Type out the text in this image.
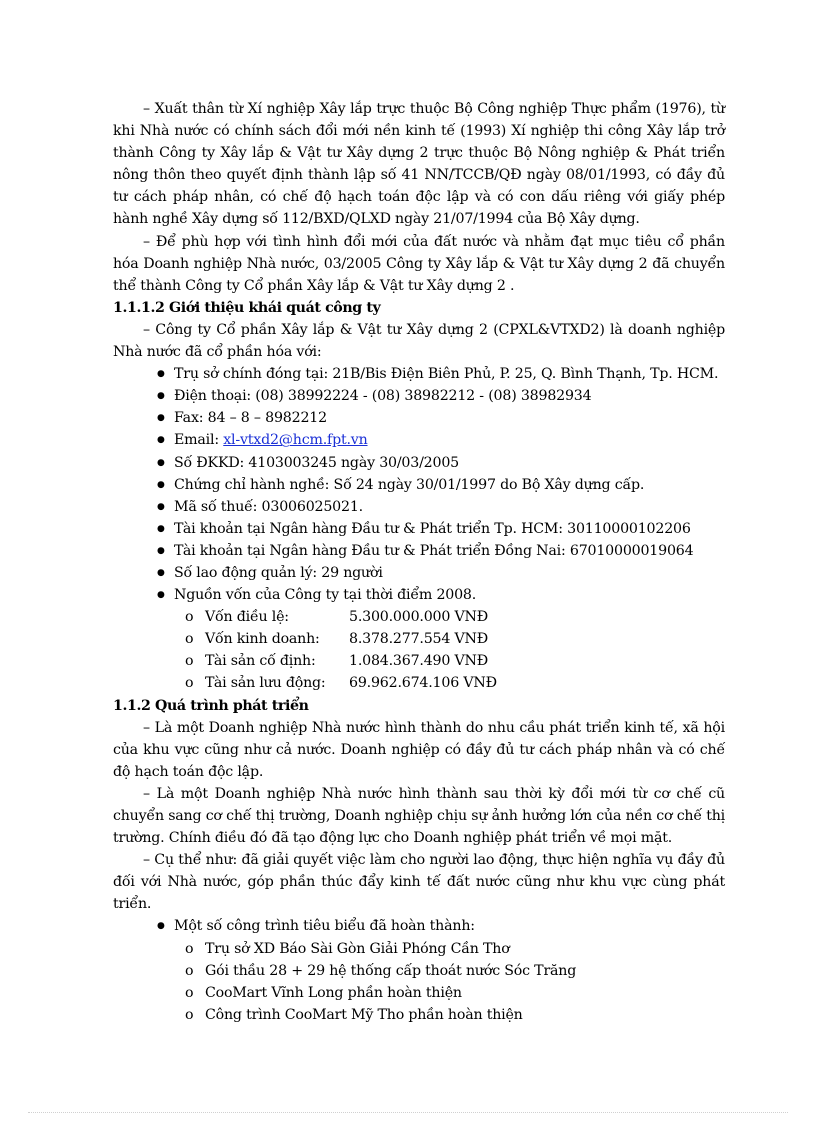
– Xuất thân từ Xí nghiệp Xây lắp trực thuộc Bộ Công nghiệp Thực phẩm (1976), từ khi Nhà nước có chính sách đổi mới nền kinh tế (1993) Xí nghiệp thi công Xây lắp trở thành Công ty Xây lắp & Vật tư Xây dựng 2 trực thuộc Bộ Nông nghiệp & Phát triển nông thôn theo quyết định thành lập số 41 NN/TCCB/QĐ ngày 08/01/1993, có đầy đủ tư cách pháp nhân, có chế độ hạch toán độc lập và có con dấu riêng với giấy phép hành nghề Xây dựng số 112/BXD/QLXD ngày 21/07/1994 của Bộ Xây dựng.

– Để phù hợp với tình hình đổi mới của đất nước và nhằm đạt mục tiêu cổ phần hóa Doanh nghiệp Nhà nước, 03/2005 Công ty Xây lắp & Vật tư Xây dựng 2 đã chuyển thể thành Công ty Cổ phần Xây lắp & Vật tư Xây dựng 2 .

1.1.1.2 Giới thiệu khái quát công ty

– Công ty Cổ phần Xây lắp & Vật tư Xây dựng 2 (CPXL&VTXD2) là doanh nghiệp Nhà nước đã cổ phần hóa với:

● Trụ sở chính đóng tại: 21B/Bis Điện Biên Phủ, P. 25, Q. Bình Thạnh, Tp. HCM.
● Điện thoại: (08) 38992224 - (08) 38982212 - (08) 38982934
● Fax: 84 – 8 – 8982212
● Email: xl-vtxd2@hcm.fpt.vn
● Số ĐKKD: 4103003245 ngày 30/03/2005
● Chứng chỉ hành nghề: Số 24 ngày 30/01/1997 do Bộ Xây dựng cấp.
● Mã số thuế: 03006025021.
● Tài khoản tại Ngân hàng Đầu tư & Phát triển Tp. HCM: 30110000102206
● Tài khoản tại Ngân hàng Đầu tư & Phát triển Đồng Nai: 67010000019064
● Số lao động quản lý: 29 người
● Nguồn vốn của Công ty tại thời điểm 2008.
o Vốn điều lệ:	5.300.000.000 VNĐ
o Vốn kinh doanh: 8.378.277.554 VNĐ
o Tài sản cố định: 1.084.367.490 VNĐ
o Tài sản lưu động: 69.962.674.106 VNĐ

1.1.2 Quá trình phát triển

– Là một Doanh nghiệp Nhà nước hình thành do nhu cầu phát triển kinh tế, xã hội của khu vực cũng như cả nước. Doanh nghiệp có đầy đủ tư cách pháp nhân và có chế độ hạch toán độc lập.

– Là một Doanh nghiệp Nhà nước hình thành sau thời kỳ đổi mới từ cơ chế cũ chuyển sang cơ chế thị trường, Doanh nghiệp chịu sự ảnh hưởng lớn của nền cơ chế thị trường. Chính điều đó đã tạo động lực cho Doanh nghiệp phát triển về mọi mặt.

– Cụ thể như: đã giải quyết việc làm cho người lao động, thực hiện nghĩa vụ đầy đủ đối với Nhà nước, góp phần thúc đẩy kinh tế đất nước cũng như khu vực cùng phát triển.

● Một số công trình tiêu biểu đã hoàn thành:
o Trụ sở XD Báo Sài Gòn Giải Phóng Cần Thơ
o Gói thầu 28 + 29 hệ thống cấp thoát nước Sóc Trăng
o CooMart Vĩnh Long phần hoàn thiện
o Công trình CooMart Mỹ Tho phần hoàn thiện
